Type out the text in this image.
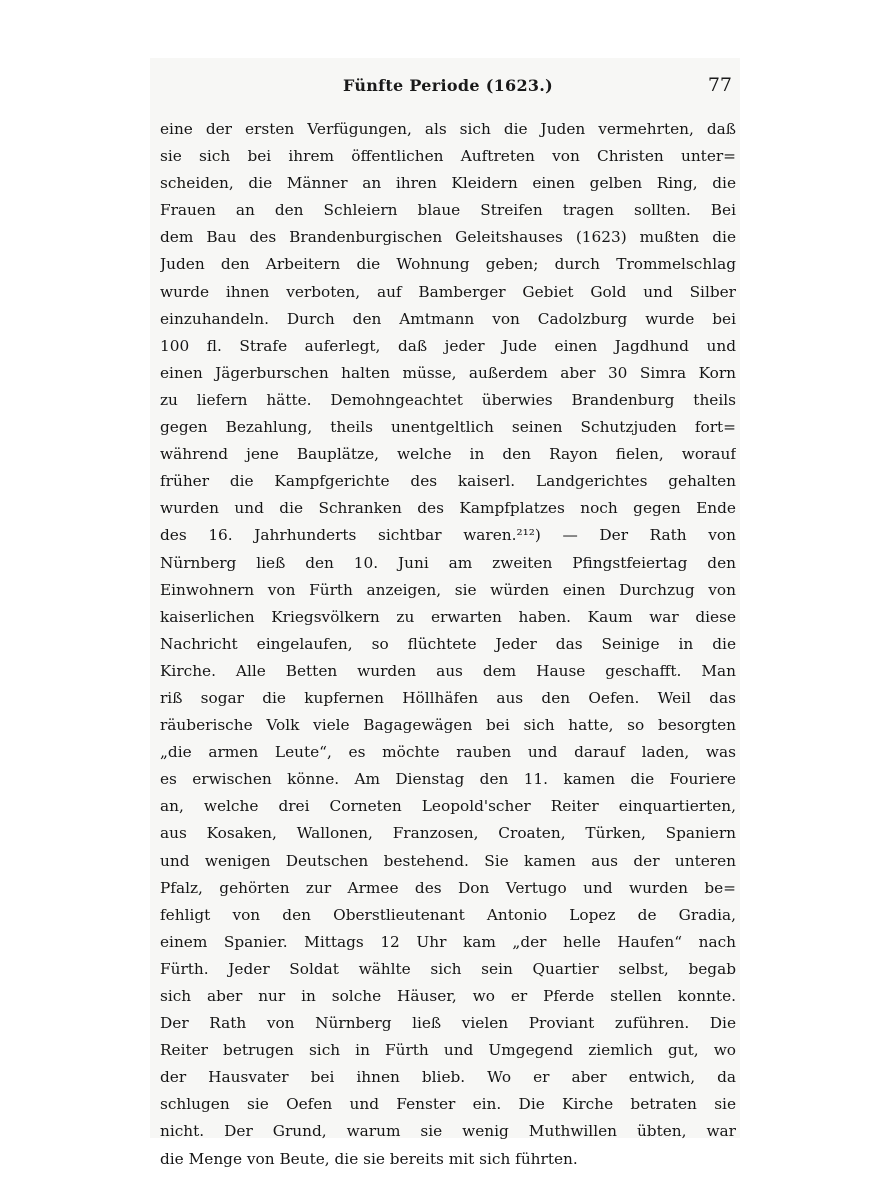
Fünfte Periode (1623.)	77
eine der ersten Verfügungen, als sich die Juden vermehrten, daß
sie sich bei ihrem öffentlichen Auftreten von Christen unter=
scheiden, die Männer an ihren Kleidern einen gelben Ring, die
Frauen an den Schleiern blaue Streifen tragen sollten. Bei
dem Bau des Brandenburgischen Geleitshauses (1623) mußten die
Juden den Arbeitern die Wohnung geben; durch Trommelschlag
wurde ihnen verboten, auf Bamberger Gebiet Gold und Silber
einzuhandeln. Durch den Amtmann von Cadolzburg wurde bei
100 fl. Strafe auferlegt, daß jeder Jude einen Jagdhund und
einen Jägerburschen halten müsse, außerdem aber 30 Simra Korn
zu liefern hätte. Demohngeachtet überwies Brandenburg theils
gegen Bezahlung, theils unentgeltlich seinen Schutzjuden fort=
während jene Bauplätze, welche in den Rayon fielen, worauf
früher die Kampfgerichte des kaiserl. Landgerichtes gehalten
wurden und die Schranken des Kampfplatzes noch gegen Ende
des 16. Jahrhunderts sichtbar waren.²¹²) — Der Rath von
Nürnberg ließ den 10. Juni am zweiten Pfingstfeiertag den
Einwohnern von Fürth anzeigen, sie würden einen Durchzug von
kaiserlichen Kriegsvölkern zu erwarten haben. Kaum war diese
Nachricht eingelaufen, so flüchtete Jeder das Seinige in die
Kirche. Alle Betten wurden aus dem Hause geschafft. Man
riß sogar die kupfernen Höllhäfen aus den Oefen. Weil das
räuberische Volk viele Bagagewägen bei sich hatte, so besorgten
„die armen Leute“, es möchte rauben und darauf laden, was
es erwischen könne. Am Dienstag den 11. kamen die Fouriere
an, welche drei Corneten Leopold'scher Reiter einquartierten,
aus Kosaken, Wallonen, Franzosen, Croaten, Türken, Spaniern
und wenigen Deutschen bestehend. Sie kamen aus der unteren
Pfalz, gehörten zur Armee des Don Vertugo und wurden be=
fehligt von den Oberstlieutenant Antonio Lopez de Gradia,
einem Spanier. Mittags 12 Uhr kam „der helle Haufen“ nach
Fürth. Jeder Soldat wählte sich sein Quartier selbst, begab
sich aber nur in solche Häuser, wo er Pferde stellen konnte.
Der Rath von Nürnberg ließ vielen Proviant zuführen. Die
Reiter betrugen sich in Fürth und Umgegend ziemlich gut, wo
der Hausvater bei ihnen blieb. Wo er aber entwich, da
schlugen sie Oefen und Fenster ein. Die Kirche betraten sie
nicht. Der Grund, warum sie wenig Muthwillen übten, war
die Menge von Beute, die sie bereits mit sich führten.
